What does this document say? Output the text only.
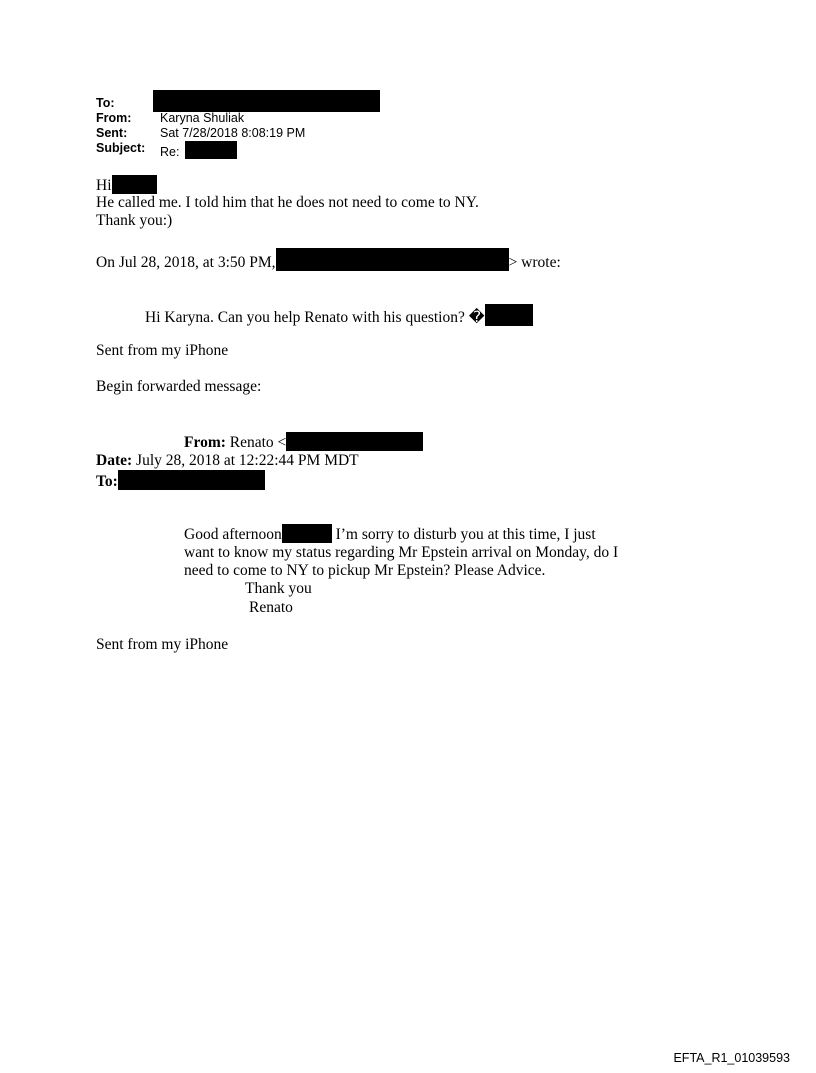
To:
From: Karyna Shuliak
Sent:	Sat 7/28/2018 8:08:19 PM
Subject: Re:
Hi
He called me. I told him that he does not need to come to NY.
Thank you:)
On Jul 28, 2018, at 3:50 PM,	> wrote:
Hi Karyna. Can you help Renato with his question? �
Sent from my iPhone
Begin forwarded message:
From: Renato <
Date: July 28, 2018 at 12:22:44 PM MDT
To:
Good afternoon	I’m sorry to disturb you at this time, I just
want to know my status regarding Mr Epstein arrival on Monday, do I
need to come to NY to pickup Mr Epstein? Please Advice.
Thank you
Renato
Sent from my iPhone
EFTA_R1_01039593
